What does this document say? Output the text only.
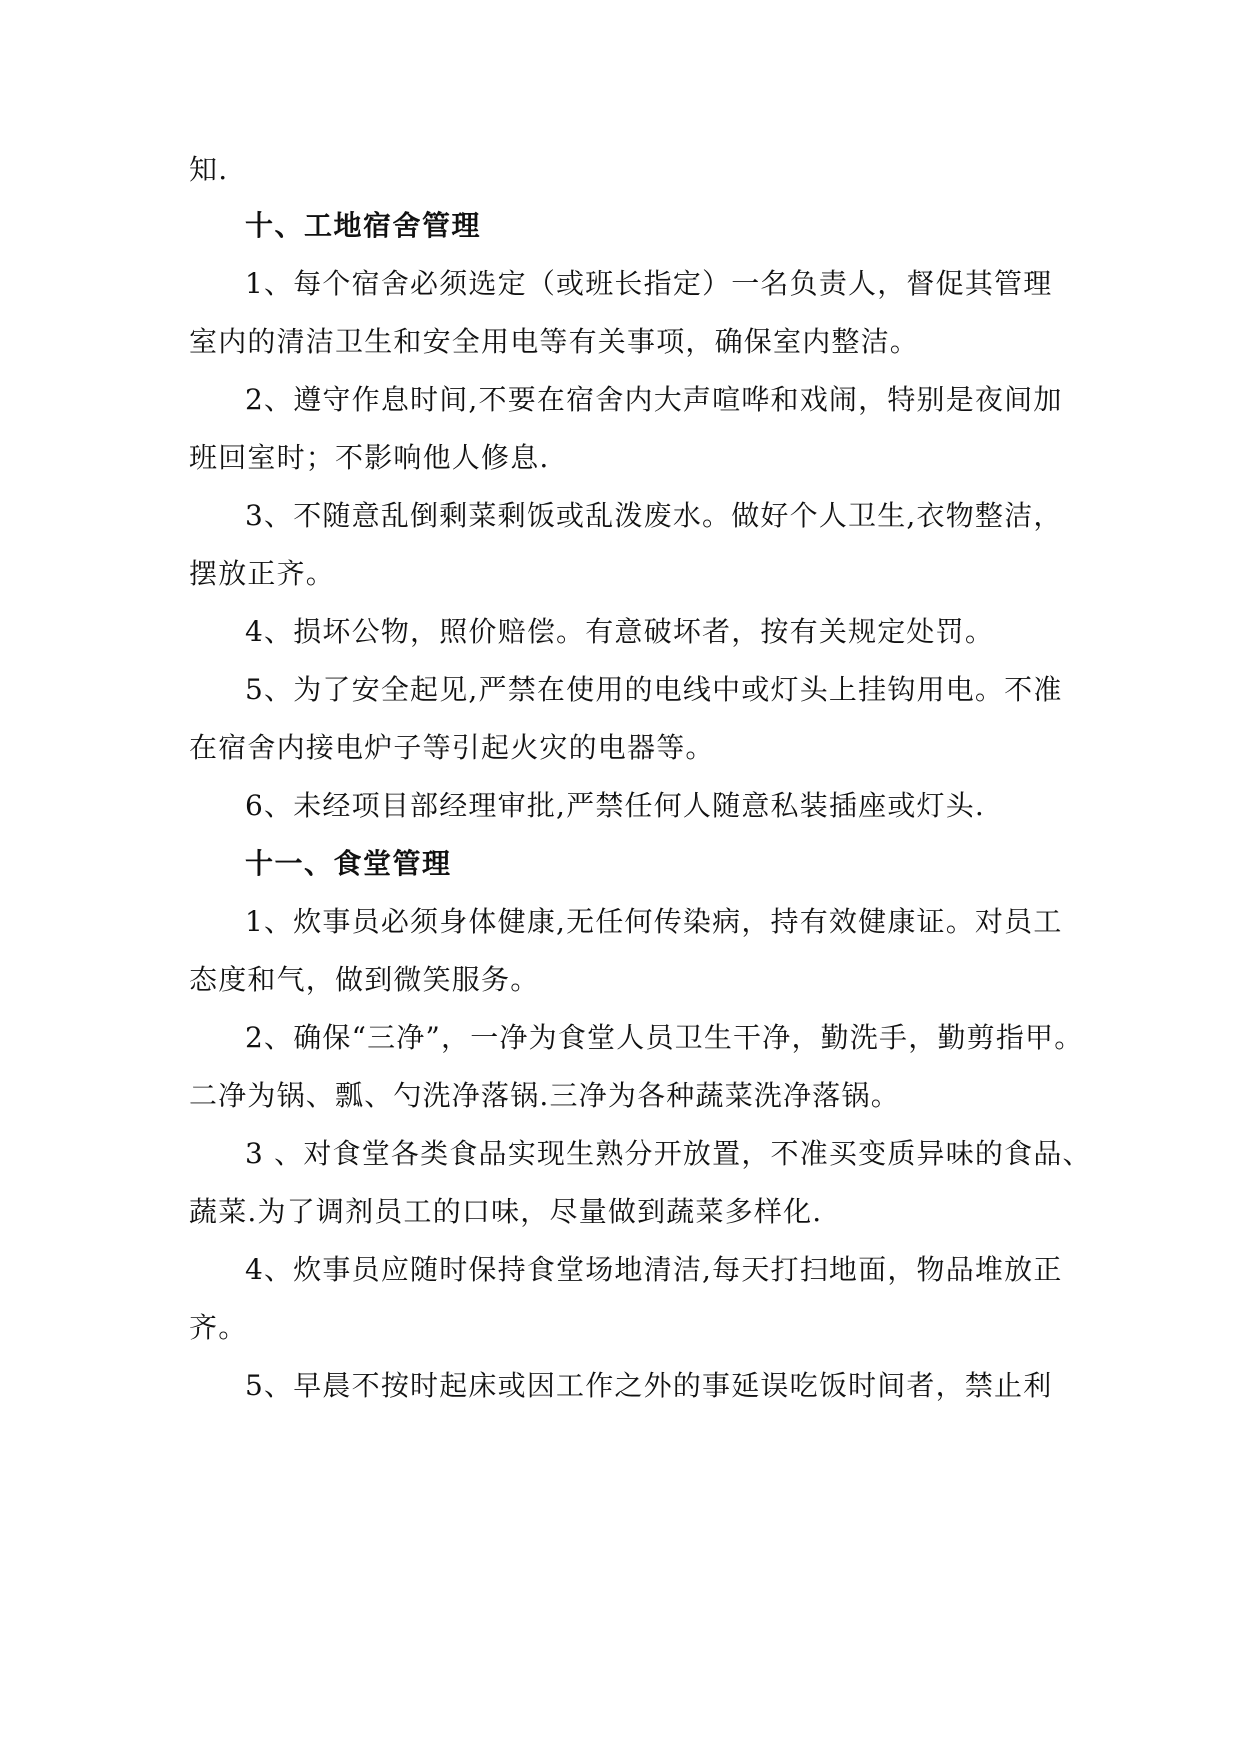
知.
十、工地宿舍管理
1、每个宿舍必须选定（或班长指定）一名负责人，督促其管理
室内的清洁卫生和安全用电等有关事项，确保室内整洁。
2、遵守作息时间,不要在宿舍内大声喧哗和戏闹，特别是夜间加
班回室时；不影响他人修息.
3、不随意乱倒剩菜剩饭或乱泼废水。做好个人卫生,衣物整洁，
摆放正齐。
4、损坏公物，照价赔偿。有意破坏者，按有关规定处罚。
5、为了安全起见,严禁在使用的电线中或灯头上挂钩用电。不准
在宿舍内接电炉子等引起火灾的电器等。
6、未经项目部经理审批,严禁任何人随意私装插座或灯头.
十一、食堂管理
1、炊事员必须身体健康,无任何传染病，持有效健康证。对员工
态度和气，做到微笑服务。
2、确保“三净”，一净为食堂人员卫生干净，勤洗手，勤剪指甲。
二净为锅、瓢、勺洗净落锅.三净为各种蔬菜洗净落锅。
3 、对食堂各类食品实现生熟分开放置，不准买变质异味的食品、
蔬菜.为了调剂员工的口味，尽量做到蔬菜多样化.
4、炊事员应随时保持食堂场地清洁,每天打扫地面，物品堆放正
齐。
5、早晨不按时起床或因工作之外的事延误吃饭时间者，禁止利
